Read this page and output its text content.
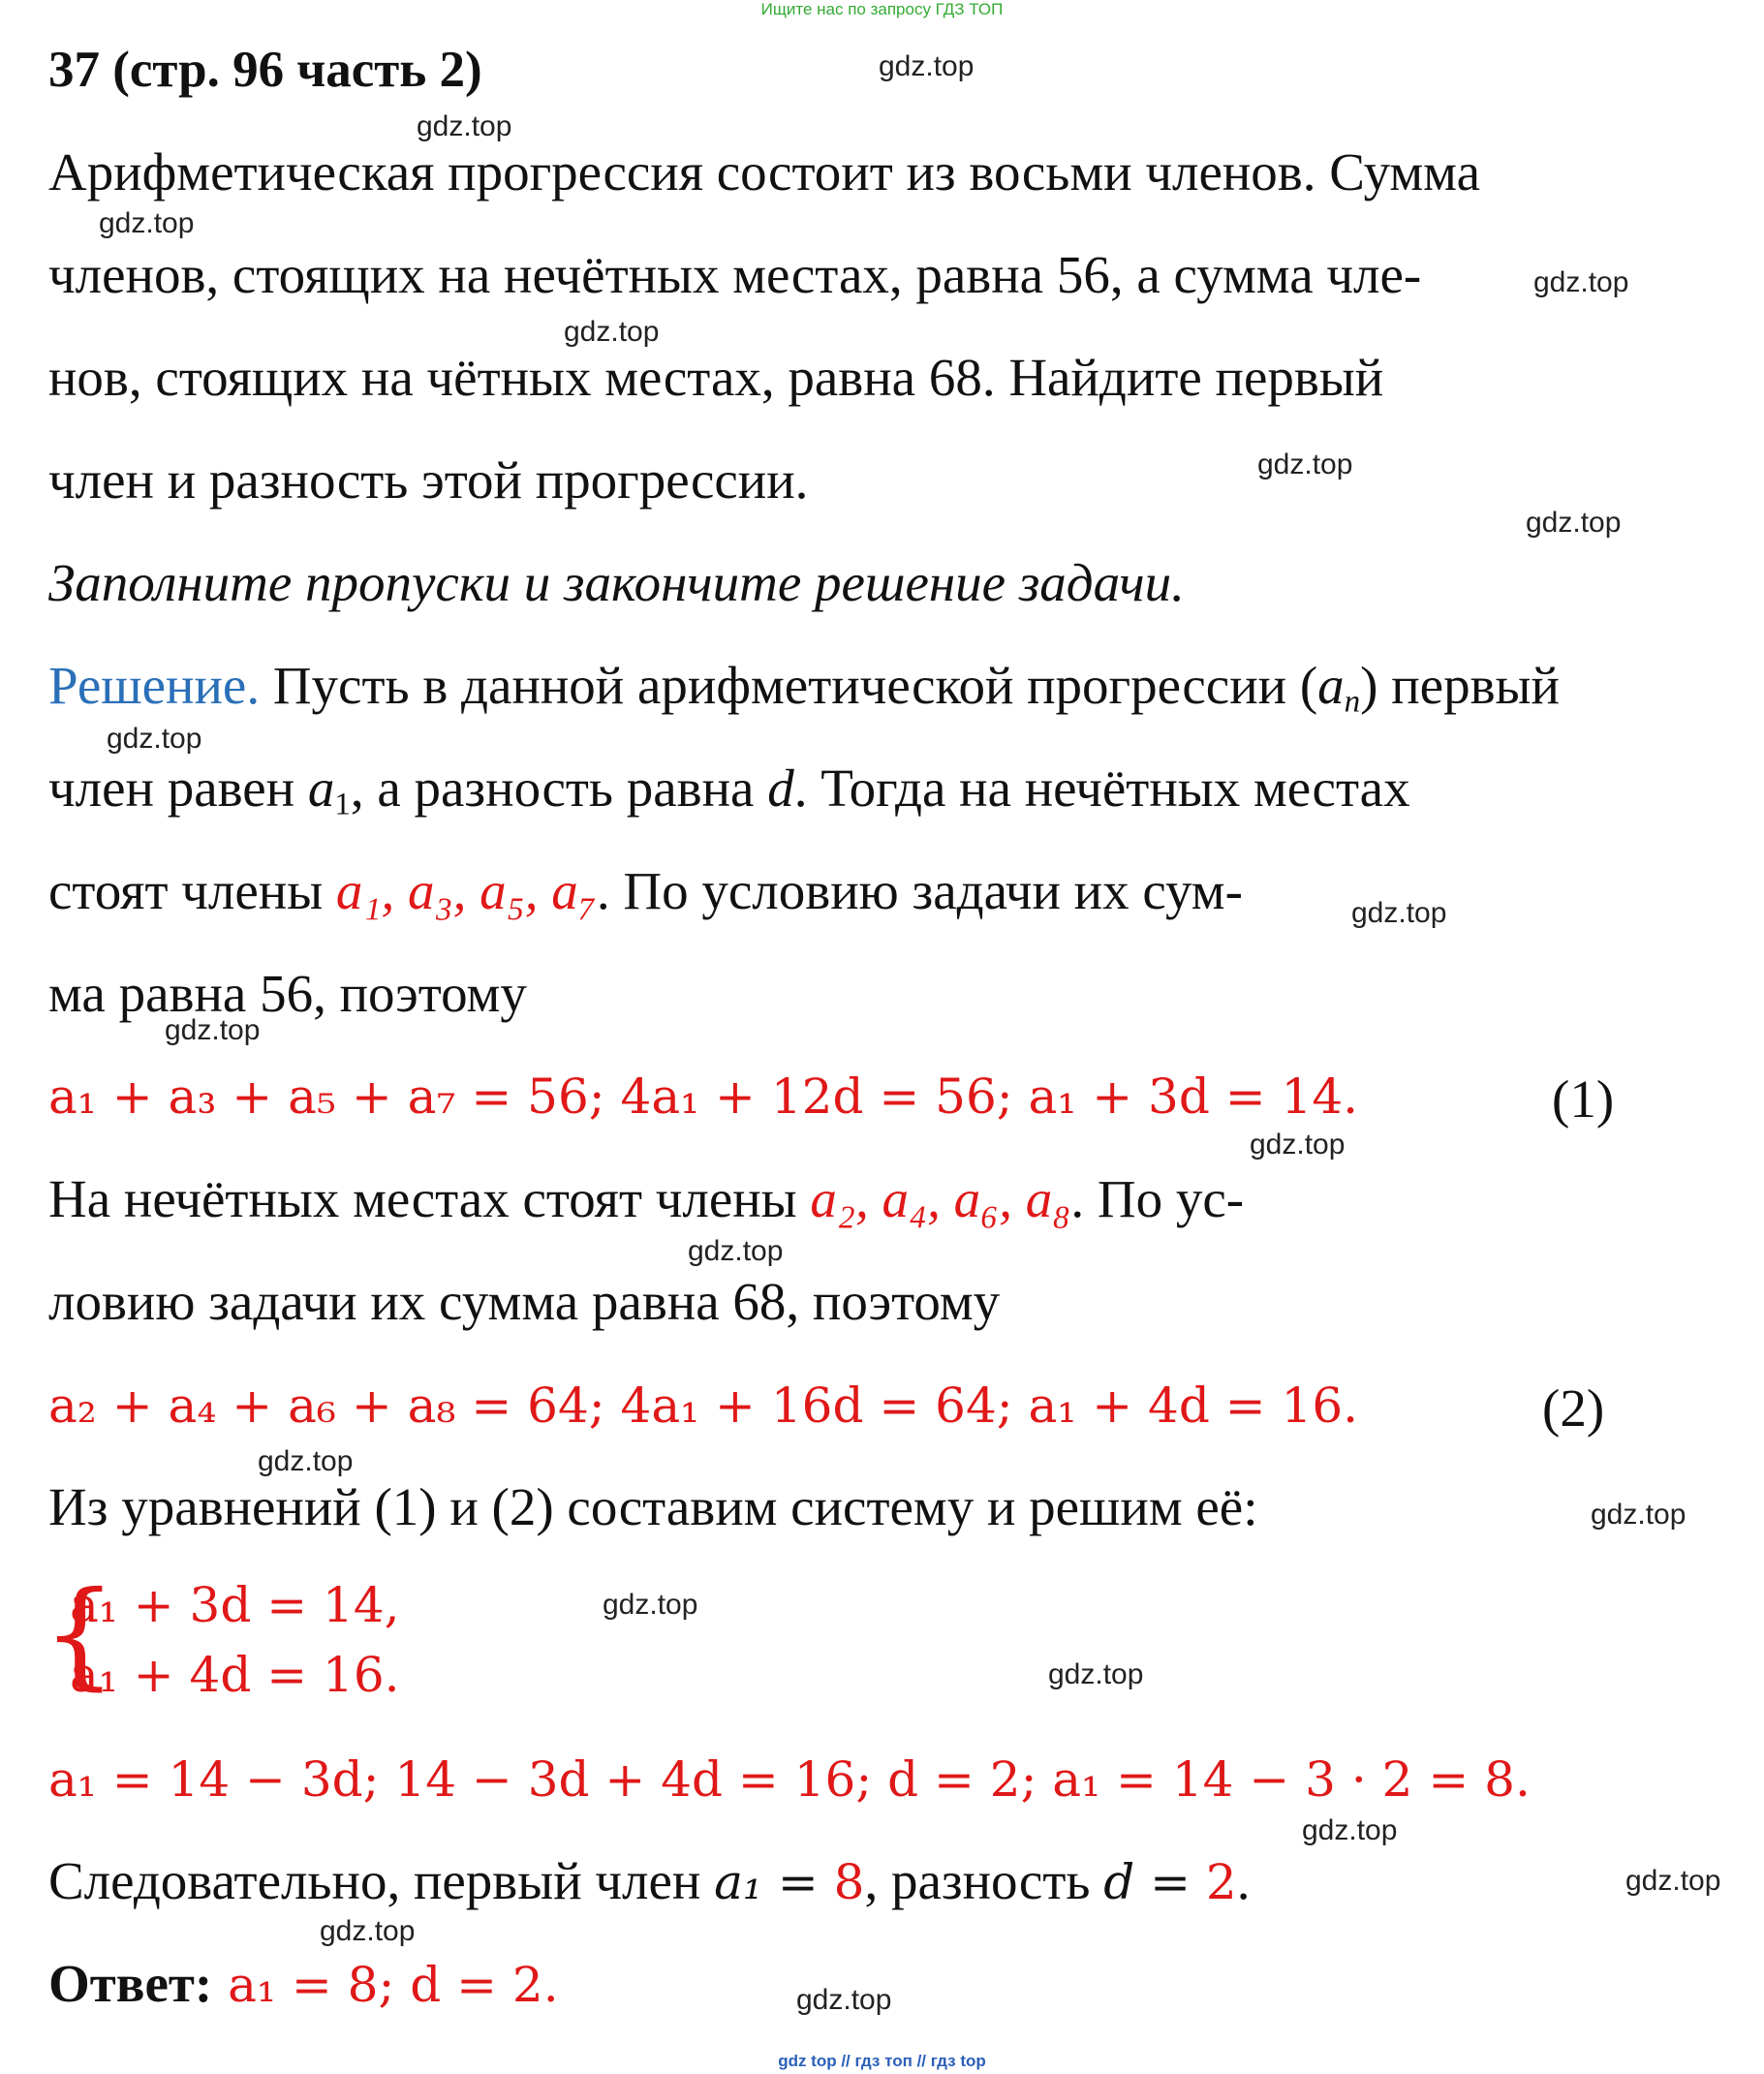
Ищите нас по запросу ГДЗ ТОП
37 (стр. 96 часть 2)
Арифметическая прогрессия состоит из восьми членов. Сумма
членов, стоящих на нечётных местах, равна 56, а сумма чле-
нов, стоящих на чётных местах, равна 68. Найдите первый
член и разность этой прогрессии.
Заполните пропуски и закончите решение задачи.
Решение. Пусть в данной арифметической прогрессии $(a_n)$ первый
член равен $a_1$, а разность равна d. Тогда на нечётных местах
стоят члены a₁, a₃, a₅, a₇. По условию задачи их сум-
ма равна 56, поэтому
a₁ + a₃ + a₅ + a₇ = 56; 4a₁ + 12d = 56; a₁ + 3d = 14.	(1)
На нечётных местах стоят члены a₂, a₄, a₆, a₈. По ус-
ловию задачи их сумма равна 68, поэтому
a₂ + a₄ + a₆ + a₈ = 64; 4a₁ + 16d = 64; a₁ + 4d = 16.	(2)
Из уравнений (1) и (2) составим систему и решим её:
{
a₁ + 3d = 14,
a₁ + 4d = 16.
a₁ = 14 − 3d; 14 − 3d + 4d = 16; d = 2; a₁ = 14 − 3 · 2 = 8.
Следовательно, первый член a₁ = 8, разность d = 2.
Ответ: a₁ = 8; d = 2.
gdz.top
gdz.top
gdz.top
gdz.top
gdz.top
gdz.top
gdz.top
gdz.top
gdz.top
gdz.top
gdz.top
gdz.top
gdz.top
gdz.top
gdz.top
gdz.top
gdz.top
gdz.top
gdz.top
gdz.top
gdz top // гдз топ // гдз top
